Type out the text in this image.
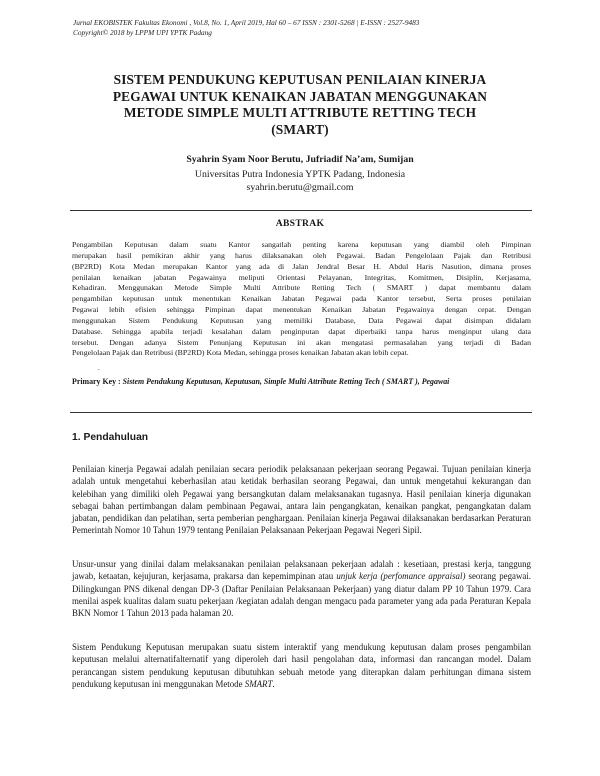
Jurnal EKOBISTEK Fakultas Ekonomi , Vol.8, No. 1, April 2019, Hal 60 – 67 ISSN : 2301-5268 | E-ISSN : 2527-9483
Copyright© 2018 by LPPM UPI YPTK Padang
SISTEM PENDUKUNG KEPUTUSAN PENILAIAN KINERJA
PEGAWAI UNTUK KENAIKAN JABATAN MENGGUNAKAN
METODE SIMPLE MULTI ATTRIBUTE RETTING TECH
(SMART)
Syahrin Syam Noor Berutu, Jufriadif Na’am, Sumijan
Universitas Putra Indonesia YPTK Padang, Indonesia
syahrin.berutu@gmail.com
ABSTRAK
Pengambilan Keputusan dalam suatu Kantor sangatlah penting karena keputusan yang diambil oleh Pimpinan
merupakan hasil pemikiran akhir yang harus dilaksanakan oleh Pegawai. Badan Pengelolaan Pajak dan Retribusi
(BP2RD) Kota Medan merupakan Kantor yang ada di Jalan Jendral Besar H. Abdul Haris Nasution, dimana proses
penilaian kenaikan jabatan Pegawainya meliputi Orientasi Pelayanan, Integritas, Komitmen, Disiplin, Kerjasama,
Kehadiran. Menggunakan Metode Simple Multi Attribute Retting Tech ( SMART ) dapat membantu dalam
pengambilan keputusan untuk menentukan Kenaikan Jabatan Pegawai pada Kantor tersebut, Serta proses penilaian
Pegawai lebih efisien sehingga Pimpinan dapat menentukan Kenaikan Jabatan Pegawainya dengan cepat. Dengan
menggunakan Sistem Pendukung Keputusan yang memiliki Database, Data Pegawai dapat disimpan didalam
Database. Sehingga apabila terjadi kesalahan dalam penginputan dapat diperbaiki tanpa harus menginput ulang data
tersebut. Dengan adanya Sistem Penunjang Keputusan ini akan mengatasi permasalahan yang terjadi di Badan
Pengelolaan Pajak dan Retribusi (BP2RD) Kota Medan, sehingga proses kenaikan Jabatan akan lebih cepat.
.
Primary Key : Sistem Pendukung Keputusan, Keputusan, Simple Multi Attribute Retting Tech ( SMART ), Pegawai
1. Pendahuluan
Penilaian kinerja Pegawai adalah penilaian secara periodik pelaksanaan pekerjaan seorang Pegawai. Tujuan penilaian kinerja adalah untuk mengetahui keberhasilan atau ketidak berhasilan seorang Pegawai, dan untuk mengetahui kekurangan dan kelebihan yang dimiliki oleh Pegawai yang bersangkutan dalam melaksanakan tugasnya. Hasil penilaian kinerja digunakan sebagai bahan pertimbangan dalam pembinaan Pegawai, antara lain pengangkatan, kenaikan pangkat, pengangkatan dalam jabatan, pendidikan dan pelatihan, serta pemberian penghargaan. Penilaian kinerja Pegawai dilaksanakan berdasarkan Peraturan Pemerintah Nomor 10 Tahun 1979 tentang Penilaian Pelaksanaan Pekerjaan Pegawai Negeri Sipil.
Unsur-unsur yang dinilai dalam melaksanakan penilaian pelaksanaan pekerjaan adalah : kesetiaan, prestasi kerja, tanggung jawab, ketaatan, kejujuran, kerjasama, prakarsa dan kepemimpinan atau unjuk kerja (perfomance appraisal) seorang pegawai. Dilingkungan PNS dikenal dengan DP-3 (Daftar Penilaian Pelaksanaan Pekerjaan) yang diatur dalam PP 10 Tahun 1979. Cara menilai aspek kualitas dalam suatu pekerjaan /kegiatan adalah dengan mengacu pada parameter yang ada pada Peraturan Kepala BKN Nomor 1 Tahun 2013 pada halaman 20.
Sistem Pendukung Keputusan merupakan suatu sistem interaktif yang mendukung keputusan dalam proses pengambilan keputusan melalui alternatifalternatif yang diperoleh dari hasil pengolahan data, informasi dan rancangan model. Dalam perancangan sistem pendukung keputusan dibutuhkan sebuah metode yang diterapkan dalam perhitungan dimana sistem pendukung keputusan ini menggunakan Metode SMART.
